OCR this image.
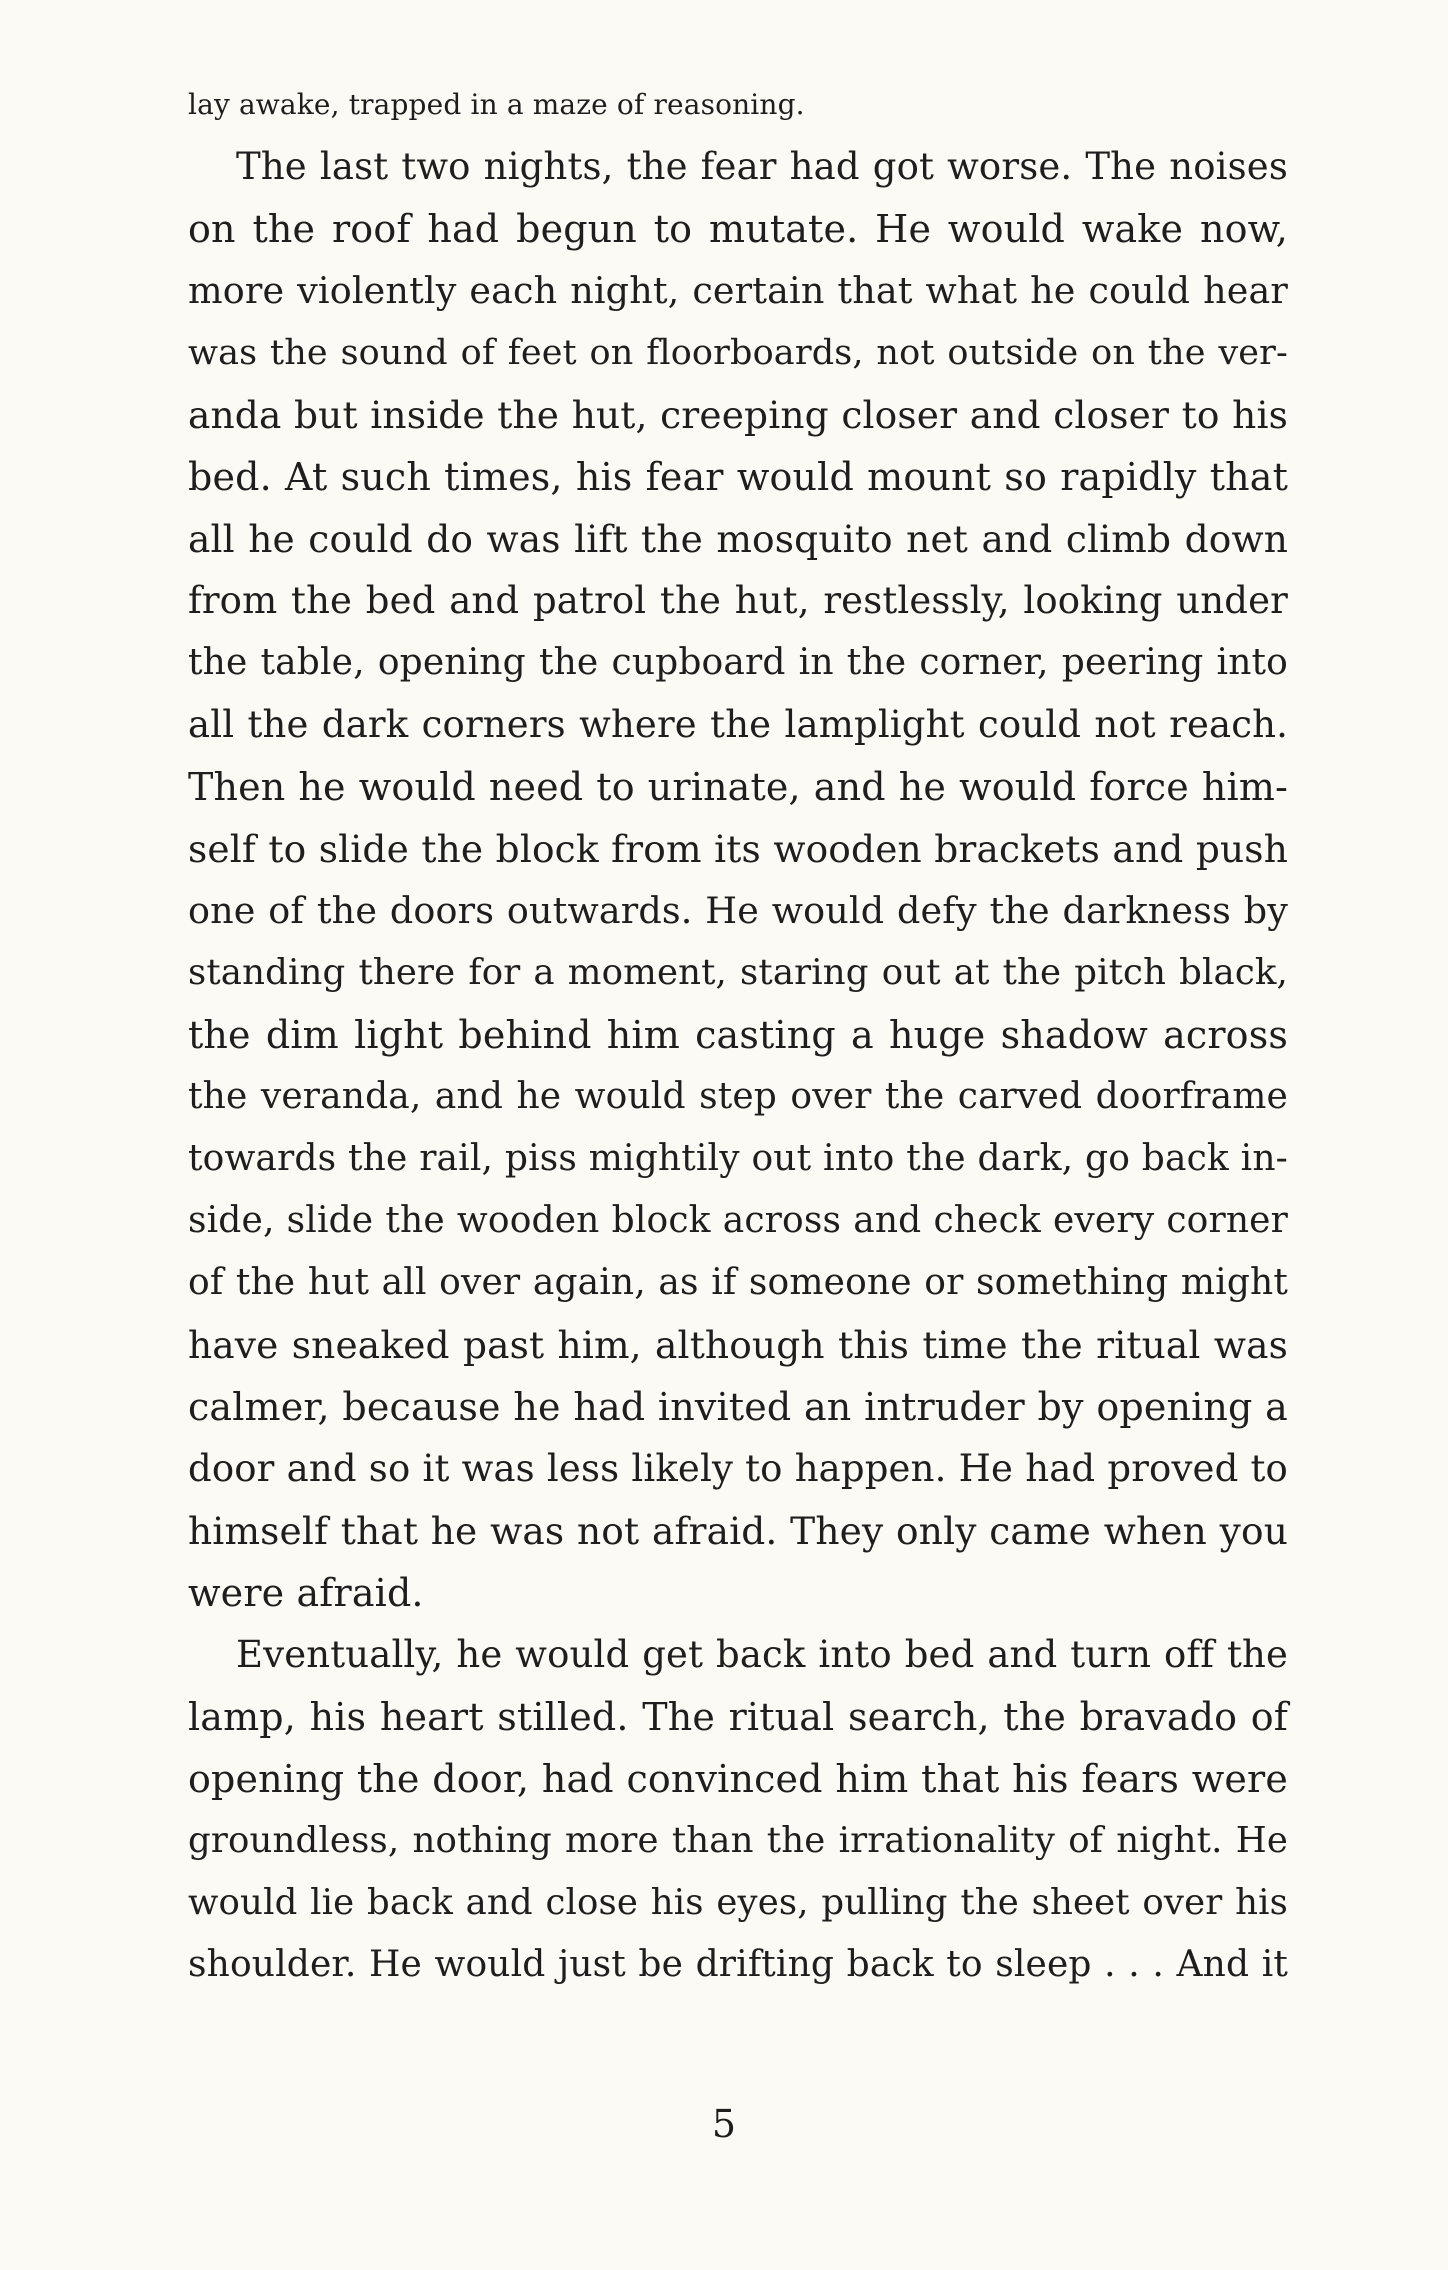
lay awake, trapped in a maze of reasoning.
The last two nights, the fear had got worse. The noises
on the roof had begun to mutate. He would wake now,
more violently each night, certain that what he could hear
was the sound of feet on floorboards, not outside on the ver-
anda but inside the hut, creeping closer and closer to his
bed. At such times, his fear would mount so rapidly that
all he could do was lift the mosquito net and climb down
from the bed and patrol the hut, restlessly, looking under
the table, opening the cupboard in the corner, peering into
all the dark corners where the lamplight could not reach.
Then he would need to urinate, and he would force him-
self to slide the block from its wooden brackets and push
one of the doors outwards. He would defy the darkness by
standing there for a moment, staring out at the pitch black,
the dim light behind him casting a huge shadow across
the veranda, and he would step over the carved doorframe
towards the rail, piss mightily out into the dark, go back in-
side, slide the wooden block across and check every corner
of the hut all over again, as if someone or something might
have sneaked past him, although this time the ritual was
calmer, because he had invited an intruder by opening a
door and so it was less likely to happen. He had proved to
himself that he was not afraid. They only came when you
were afraid.
Eventually, he would get back into bed and turn off the
lamp, his heart stilled. The ritual search, the bravado of
opening the door, had convinced him that his fears were
groundless, nothing more than the irrationality of night. He
would lie back and close his eyes, pulling the sheet over his
shoulder. He would just be drifting back to sleep . . . And it
5
